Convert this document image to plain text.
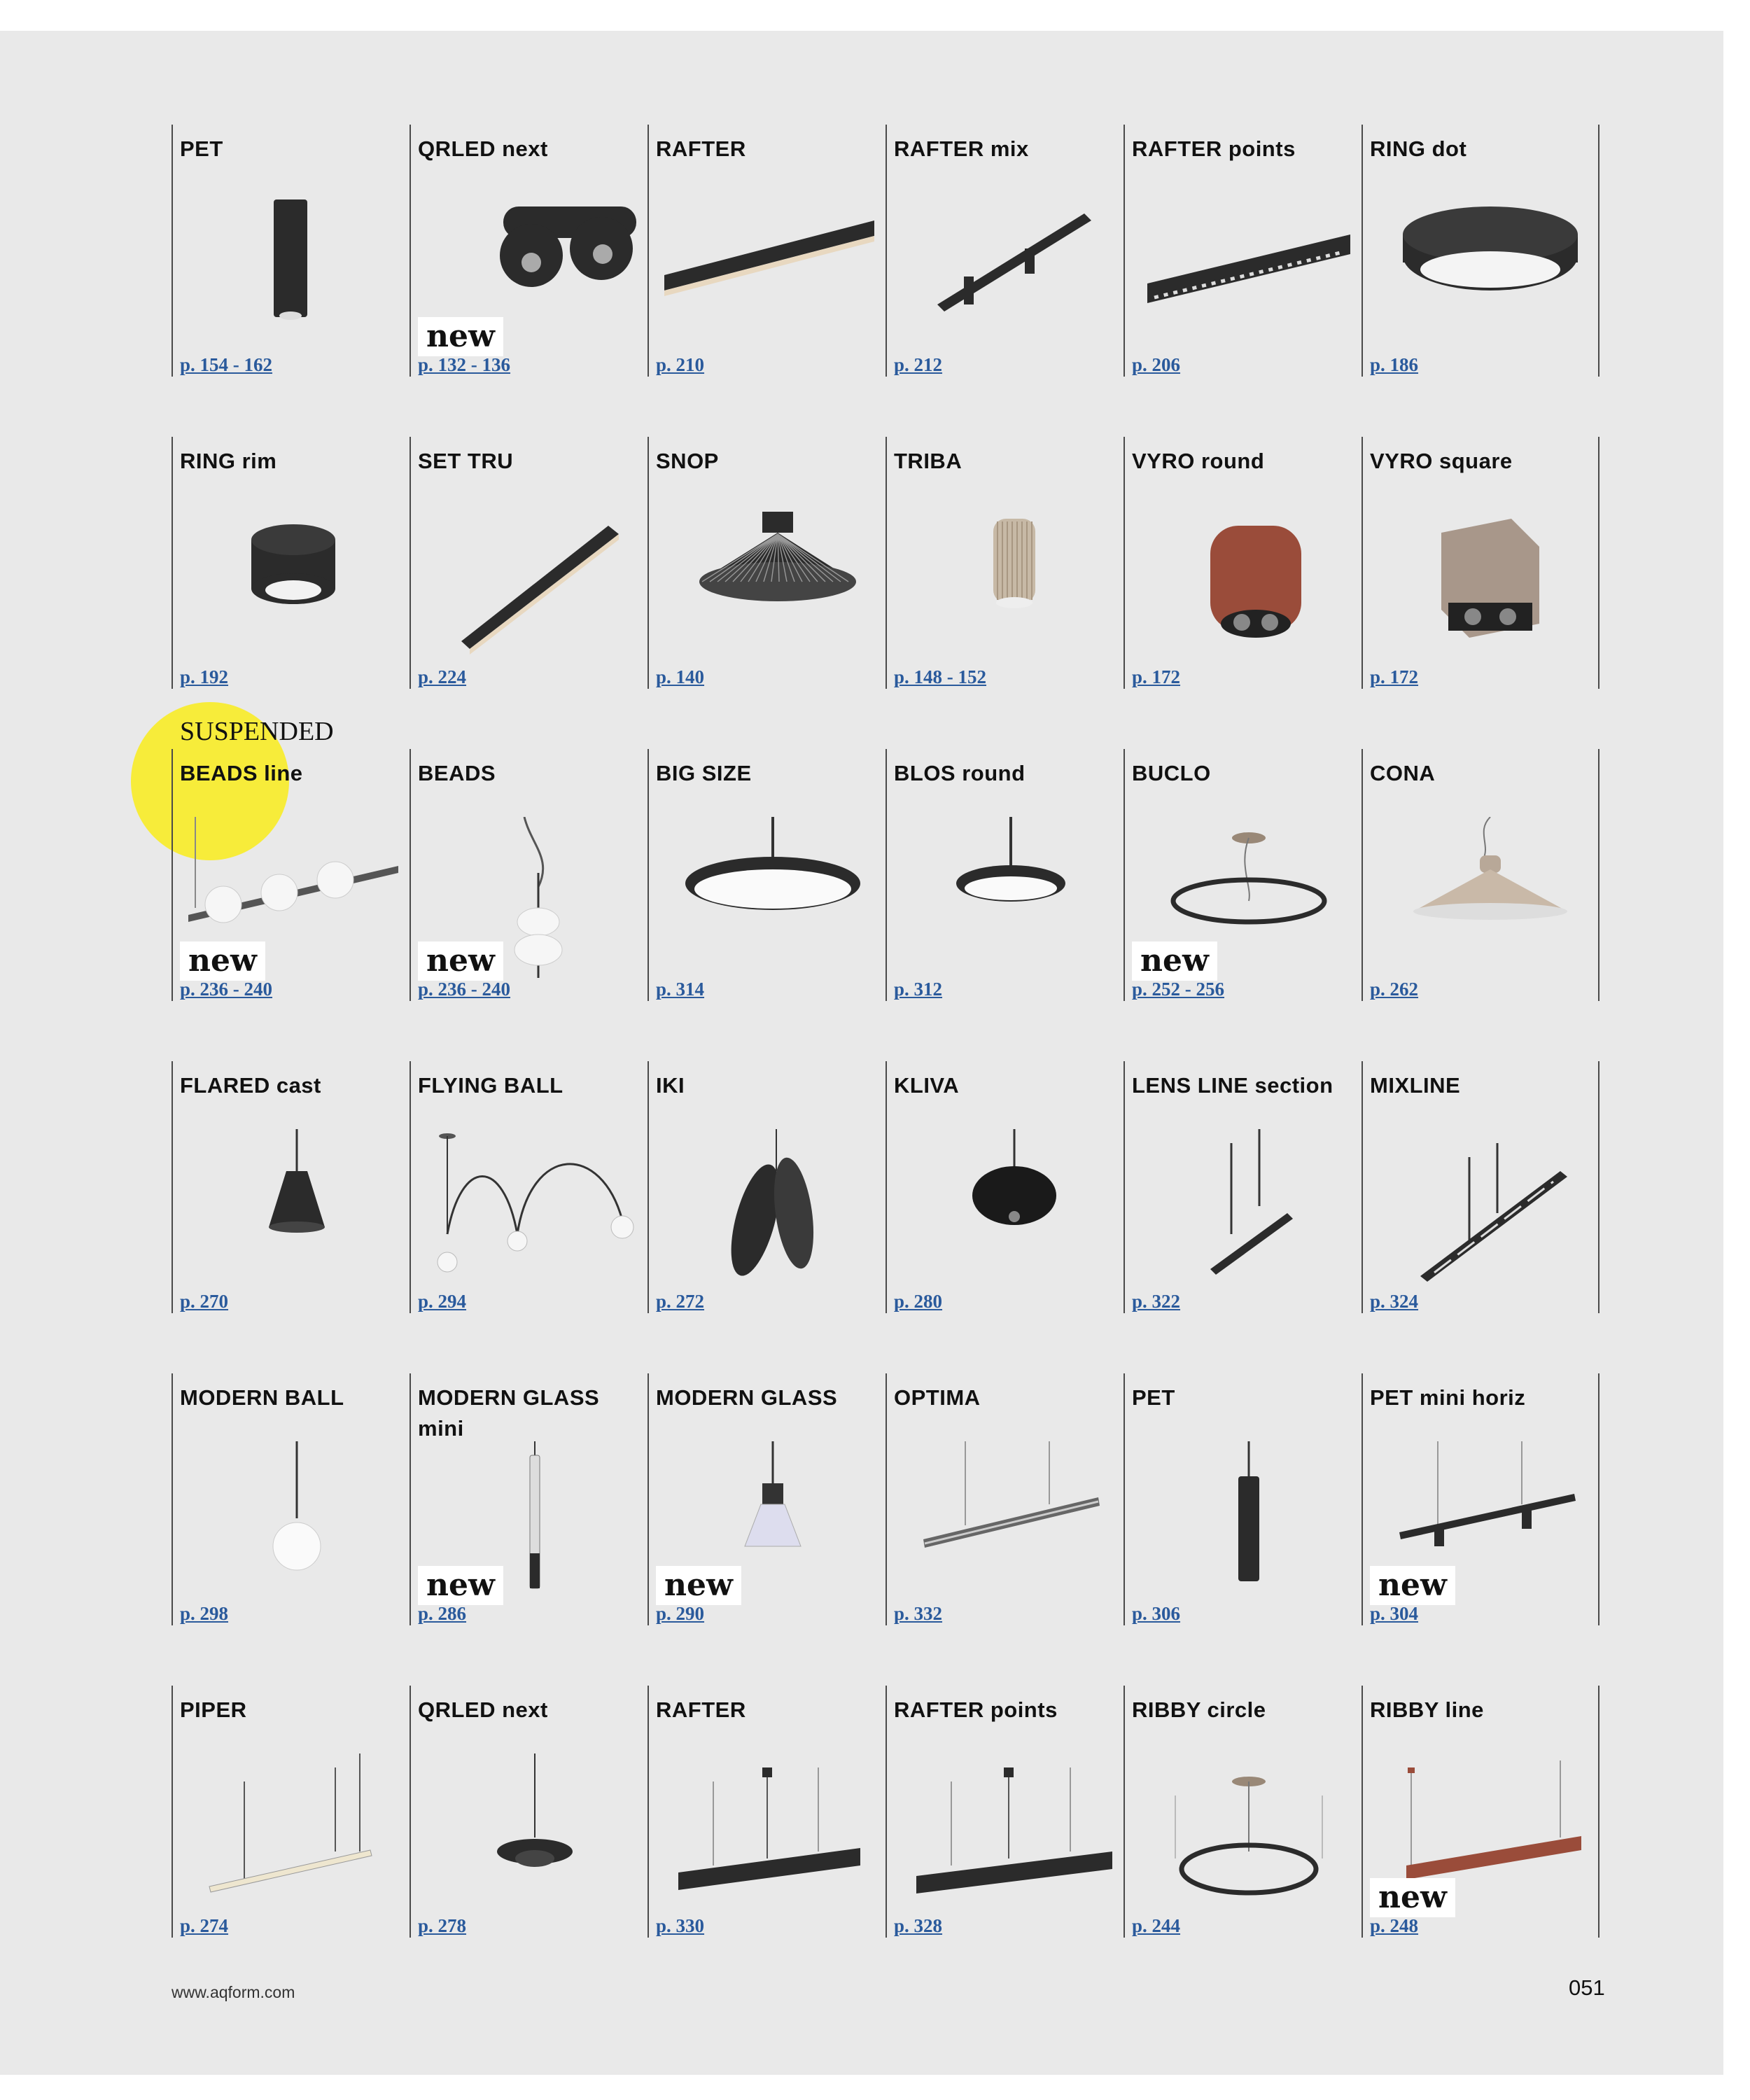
SUSPENDED
PET
p. 154 - 162
QRLED next
new
p. 132 - 136
RAFTER
p. 210
RAFTER mix
p. 212
RAFTER points
p. 206
RING dot
p. 186
RING rim
p. 192
SET TRU
p. 224
SNOP
p. 140
TRIBA
p. 148 - 152
VYRO round
p. 172
VYRO square
p. 172
BEADS line
new
p. 236 - 240
BEADS
new
p. 236 - 240
BIG SIZE
p. 314
BLOS round
p. 312
BUCLO
new
p. 252 - 256
CONA
p. 262
FLARED cast
p. 270
FLYING BALL
p. 294
IKI
p. 272
KLIVA
p. 280
LENS LINE section
p. 322
MIXLINE
p. 324
MODERN BALL
p. 298
MODERN GLASS mini
new
p. 286
MODERN GLASS
new
p. 290
OPTIMA
p. 332
PET
p. 306
PET mini horiz
new
p. 304
PIPER
p. 274
QRLED next
p. 278
RAFTER
p. 330
RAFTER points
p. 328
RIBBY circle
p. 244
RIBBY line
new
p. 248
www.aqform.com	051
